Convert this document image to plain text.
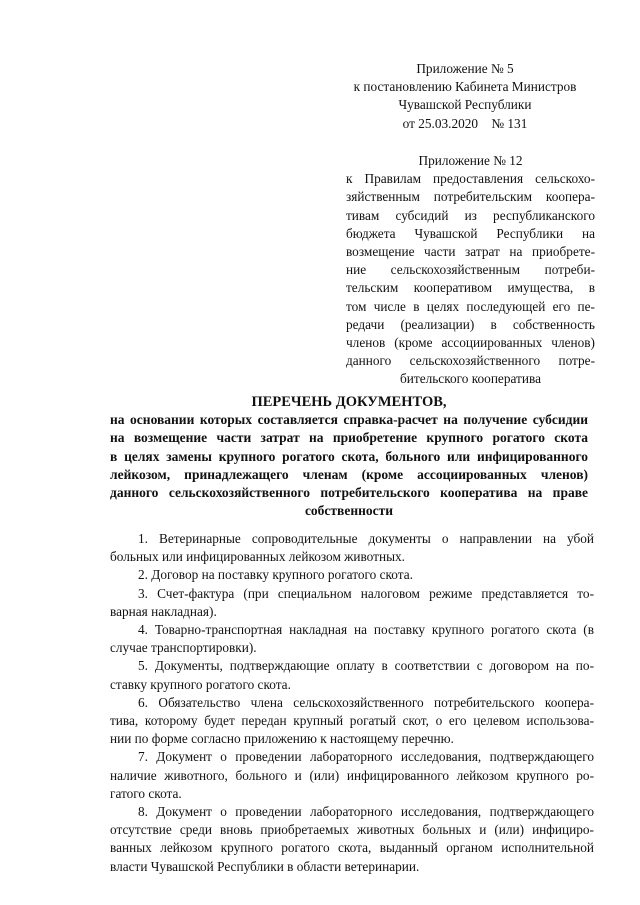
Приложение № 5
к постановлению Кабинета Министров
Чувашской Республики
от 25.03.2020    № 131
Приложение № 12
к Правилам предоставления сельскохо-
зяйственным потребительским коопера-
тивам субсидий из республиканского
бюджета Чувашской Республики на
возмещение части затрат на приобрете-
ние сельскохозяйственным потреби-
тельским кооперативом имущества, в
том числе в целях последующей его пе-
редачи (реализации) в собственность
членов (кроме ассоциированных членов)
данного сельскохозяйственного потре-
бительского кооператива
ПЕРЕЧЕНЬ ДОКУМЕНТОВ,
на основании которых составляется справка-расчет на получение субсидии
на возмещение части затрат на приобретение крупного рогатого скота
в целях замены крупного рогатого скота, больного или инфицированного
лейкозом, принадлежащего членам (кроме ассоциированных членов)
данного сельскохозяйственного потребительского кооператива на праве
собственности
1. Ветеринарные сопроводительные документы о направлении на убой
больных или инфицированных лейкозом животных.
2. Договор на поставку крупного рогатого скота.
3. Счет-фактура (при специальном налоговом режиме представляется то-
варная накладная).
4. Товарно-транспортная накладная на поставку крупного рогатого скота (в
случае транспортировки).
5. Документы, подтверждающие оплату в соответствии с договором на по-
ставку крупного рогатого скота.
6. Обязательство члена сельскохозяйственного потребительского коопера-
тива, которому будет передан крупный рогатый скот, о его целевом использова-
нии по форме согласно приложению к настоящему перечню.
7. Документ о проведении лабораторного исследования, подтверждающего
наличие животного, больного и (или) инфицированного лейкозом крупного ро-
гатого скота.
8. Документ о проведении лабораторного исследования, подтверждающего
отсутствие среди вновь приобретаемых животных больных и (или) инфициро-
ванных лейкозом крупного рогатого скота, выданный органом исполнительной
власти Чувашской Республики в области ветеринарии.
